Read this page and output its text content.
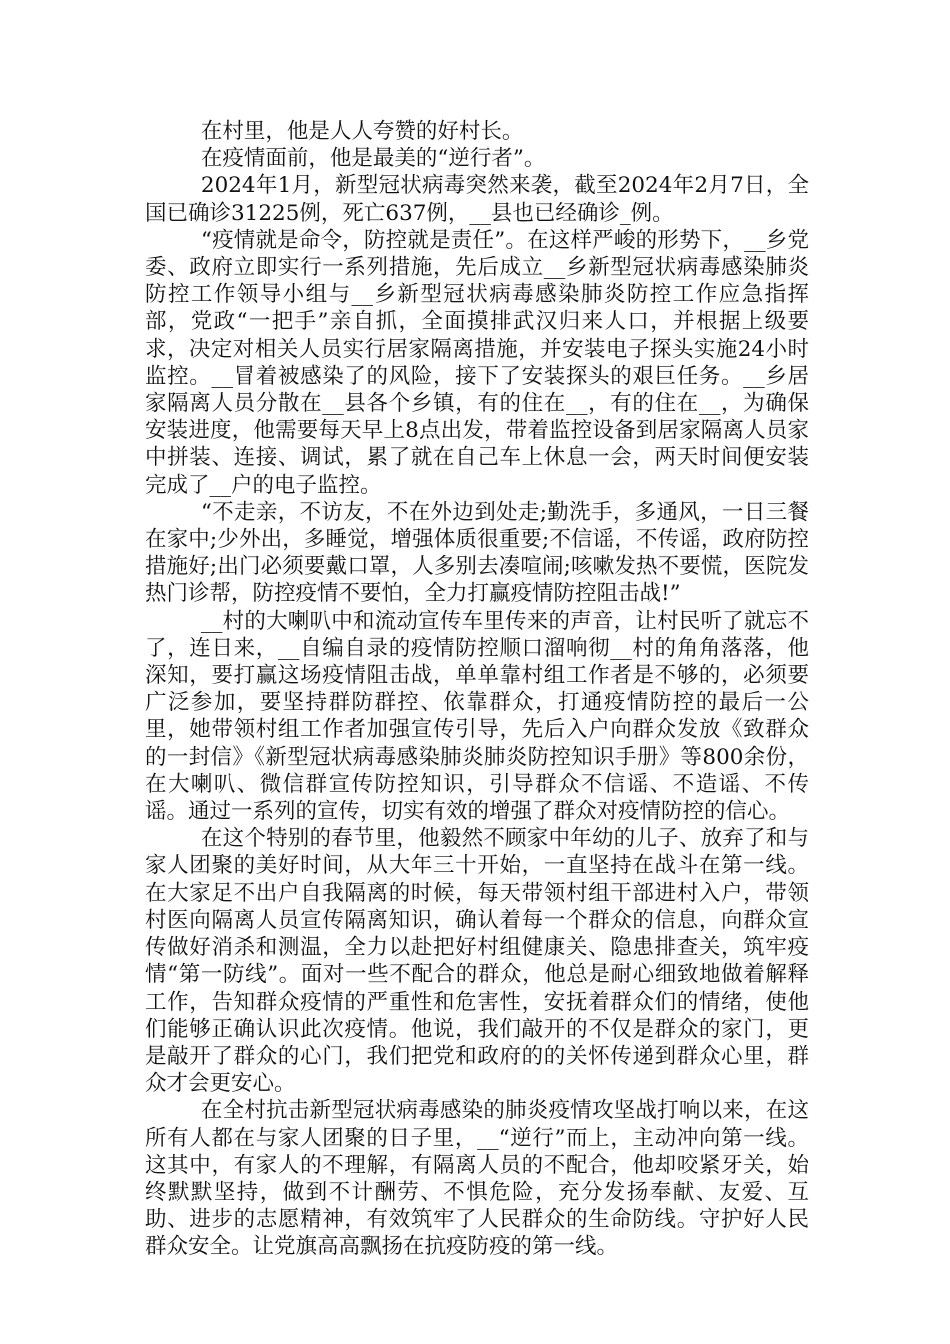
在村里，他是人人夸赞的好村长。

在疫情面前，他是最美的“逆行者”。

2024年1月，新型冠状病毒突然来袭，截至2024年2月7日，全国已确诊31225例，死亡637例，__县也已经确诊_例。

“疫情就是命令，防控就是责任”。在这样严峻的形势下，__乡党委、政府立即实行一系列措施，先后成立__乡新型冠状病毒感染肺炎防控工作领导小组与__乡新型冠状病毒感染肺炎防控工作应急指挥部，党政“一把手”亲自抓，全面摸排武汉归来人口，并根据上级要求，决定对相关人员实行居家隔离措施，并安装电子探头实施24小时监控。__冒着被感染了的风险，接下了安装探头的艰巨任务。__乡居家隔离人员分散在__县各个乡镇，有的住在__，有的住在__，为确保安装进度，他需要每天早上8点出发，带着监控设备到居家隔离人员家中拼装、连接、调试，累了就在自己车上休息一会，两天时间便安装完成了__户的电子监控。

“不走亲，不访友，不在外边到处走;勤洗手，多通风，一日三餐在家中;少外出，多睡觉，增强体质很重要;不信谣，不传谣，政府防控措施好;出门必须要戴口罩，人多别去凑喧闹;咳嗽发热不要慌，医院发热门诊帮，防控疫情不要怕，全力打赢疫情防控阻击战!”

__村的大喇叭中和流动宣传车里传来的声音，让村民听了就忘不了，连日来，__自编自录的疫情防控顺口溜响彻__村的角角落落，他深知，要打赢这场疫情阻击战，单单靠村组工作者是不够的，必须要广泛参加，要坚持群防群控、依靠群众，打通疫情防控的最后一公里，她带领村组工作者加强宣传引导，先后入户向群众发放《致群众的一封信》《新型冠状病毒感染肺炎肺炎防控知识手册》等800余份，在大喇叭、微信群宣传防控知识，引导群众不信谣、不造谣、不传谣。通过一系列的宣传，切实有效的增强了群众对疫情防控的信心。

在这个特别的春节里，他毅然不顾家中年幼的儿子、放弃了和与家人团聚的美好时间，从大年三十开始，一直坚持在战斗在第一线。在大家足不出户自我隔离的时候，每天带领村组干部进村入户，带领村医向隔离人员宣传隔离知识，确认着每一个群众的信息，向群众宣传做好消杀和测温，全力以赴把好村组健康关、隐患排查关，筑牢疫情“第一防线”。面对一些不配合的群众，他总是耐心细致地做着解释工作，告知群众疫情的严重性和危害性，安抚着群众们的情绪，使他们能够正确认识此次疫情。他说，我们敲开的不仅是群众的家门，更是敲开了群众的心门，我们把党和政府的的关怀传递到群众心里，群众才会更安心。

在全村抗击新型冠状病毒感染的肺炎疫情攻坚战打响以来，在这所有人都在与家人团聚的日子里，__“逆行”而上，主动冲向第一线。这其中，有家人的不理解，有隔离人员的不配合，他却咬紧牙关，始终默默坚持，做到不计酬劳、不惧危险，充分发扬奉献、友爱、互助、进步的志愿精神，有效筑牢了人民群众的生命防线。守护好人民群众安全。让党旗高高飘扬在抗疫防疫的第一线。
